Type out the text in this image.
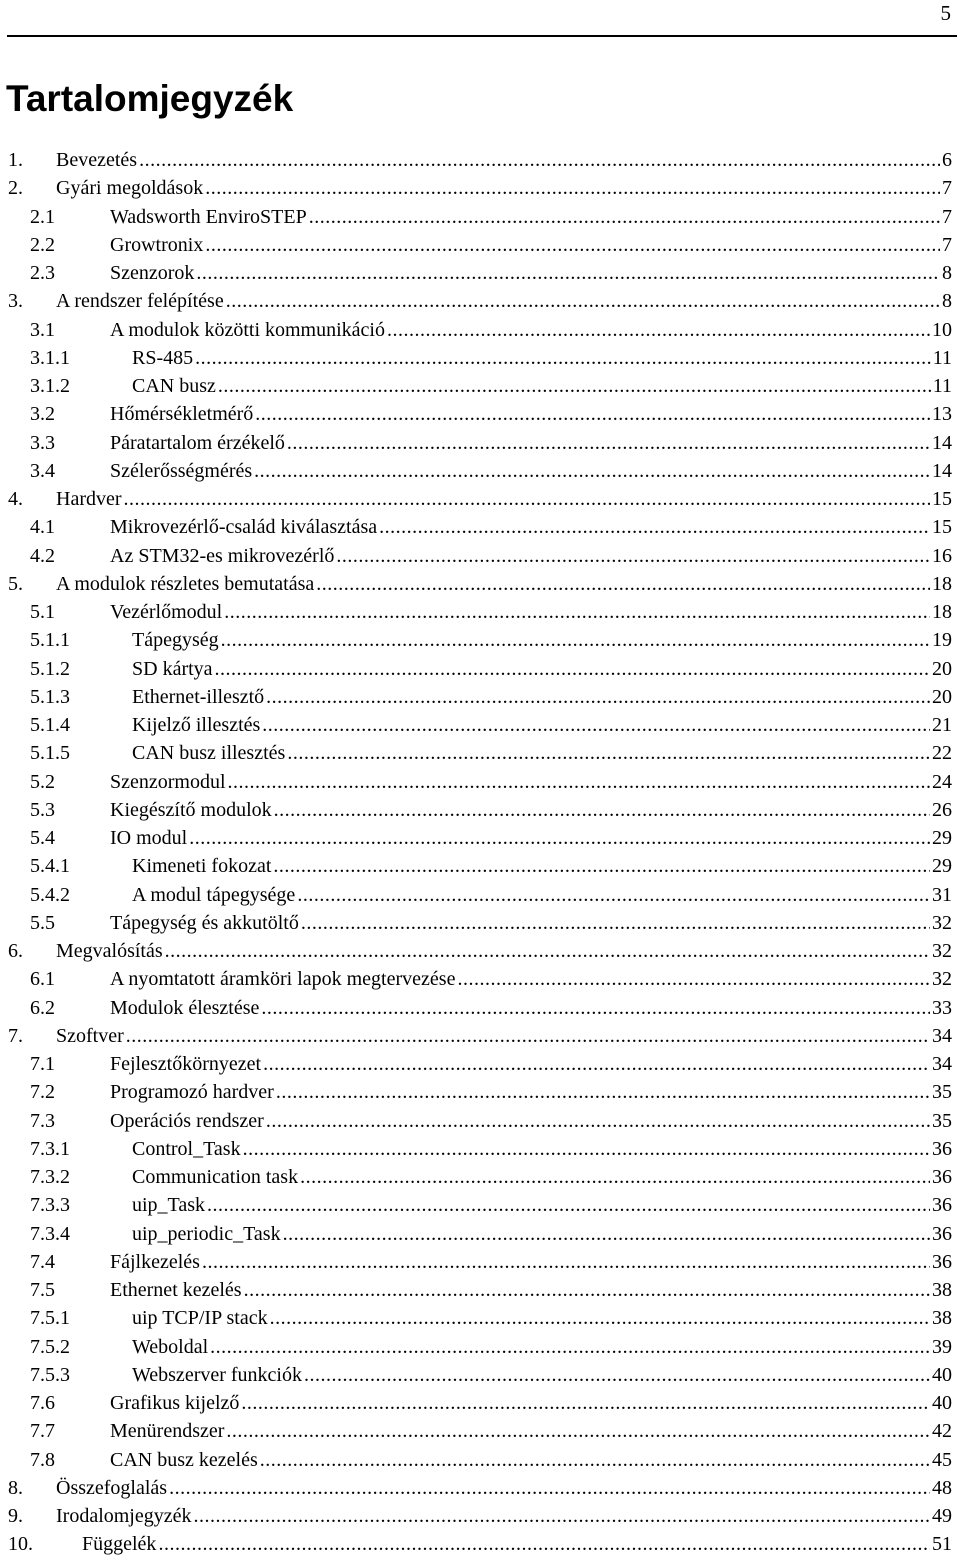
5
Tartalomjegyzék
1.	Bevezetés .....	6
2.	Gyári megoldások .....	7
2.1	Wadsworth EnviroSTEP .....	7
2.2	Growtronix .....	7
2.3	Szenzorok .....	8
3.	A rendszer felépítése .....	8
3.1	A modulok közötti kommunikáció .....	10
3.1.1	RS-485 .....	11
3.1.2	CAN busz .....	11
3.2	Hőmérsékletmérő .....	13
3.3	Páratartalom érzékelő .....	14
3.4	Szélerősségmérés .....	14
4.	Hardver .....	15
4.1	Mikrovezérlő-család kiválasztása .....	15
4.2	Az STM32-es mikrovezérlő .....	16
5.	A modulok részletes bemutatása .....	18
5.1	Vezérlőmodul .....	18
5.1.1	Tápegység .....	19
5.1.2	SD kártya .....	20
5.1.3	Ethernet-illesztő .....	20
5.1.4	Kijelző illesztés .....	21
5.1.5	CAN busz illesztés .....	22
5.2	Szenzormodul .....	24
5.3	Kiegészítő modulok .....	26
5.4	IO modul .....	29
5.4.1	Kimeneti fokozat .....	29
5.4.2	A modul tápegysége .....	31
5.5	Tápegység és akkutöltő .....	32
6.	Megvalósítás .....	32
6.1	A nyomtatott áramköri lapok megtervezése .....	32
6.2	Modulok élesztése .....	33
7.	Szoftver .....	34
7.1	Fejlesztőkörnyezet .....	34
7.2	Programozó hardver .....	35
7.3	Operációs rendszer .....	35
7.3.1	Control_Task .....	36
7.3.2	Communication task .....	36
7.3.3	uip_Task .....	36
7.3.4	uip_periodic_Task .....	36
7.4	Fájlkezelés .....	36
7.5	Ethernet kezelés .....	38
7.5.1	uip TCP/IP stack .....	38
7.5.2	Weboldal .....	39
7.5.3	Webszerver funkciók .....	40
7.6	Grafikus kijelző .....	40
7.7	Menürendszer .....	42
7.8	CAN busz kezelés .....	45
8.	Összefoglalás .....	48
9.	Irodalomjegyzék .....	49
10.	Függelék .....	51
